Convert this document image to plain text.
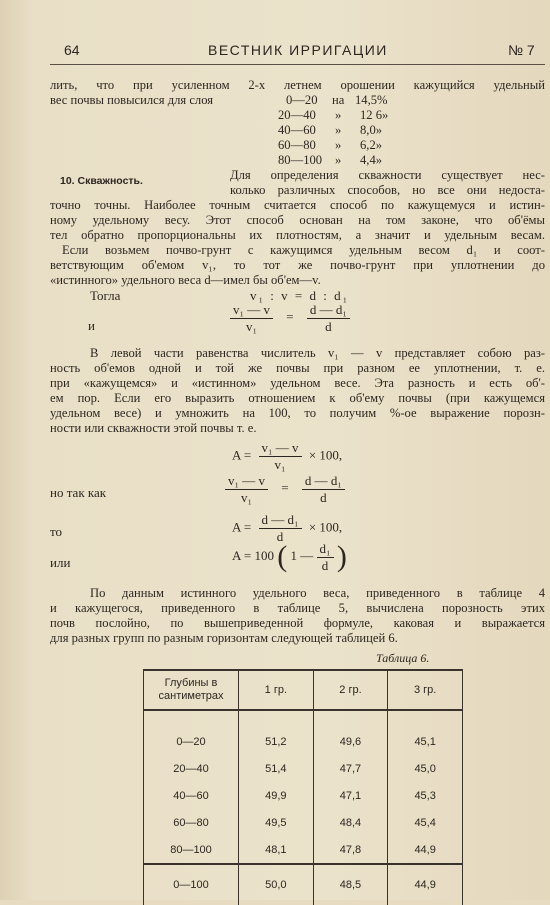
64	ВЕСТНИК ИРРИГАЦИИ	№ 7
лить, что при усиленном 2-х летнем орошении кажущийся удельный
вес почвы повысился для слоя	0—20 на 14,5%
20—40 » 12 6»
40—60 » 8,0»
60—80 » 6,2»
80—100 » 4,4»
10. Скважность.	Для определения скважности существует нес-
колько различных способов, но все они недоста-
точно точны. Наиболее точным считается способ по кажущемуся и истин-
ному удельному весу. Этот способ основан на том законе, что об'ёмы
тел обратно пропорциональны их плотностям, а значит и удельным весам.
Если возьмем почво-грунт с кажущимся удельным весом d₁ и соот-
ветствующим об'емом v₁, то тот же почво-грунт при уплотнении до
«истинного» удельного веса d—имел бы об'ем—v.
Тогла	v₁ : v = d : d₁
и	$\frac{\text{v₁ — v}}{\text{v₁}} = \frac{\text{d — d₁}}{d}$
В левой части равенства числитель v₁ — v представляет собою раз-
ность об'емов одной и той же почвы при разном ее уплотнении, т. е.
при «кажущемся» и «истинном» удельном весе. Эта разность и есть об'-
ем пор. Если его выразить отношением к об'ему почвы (при кажущемся
удельном весе) и умножить на 100, то получим %-ое выражение порозн-
ности или скважности этой почвы т. е.
$A = \frac{\text{v₁ — v}}{\text{v₁}} \times 100$,
но так как	$\frac{\text{v₁ — v}}{\text{v₁}} = \frac{\text{d — d₁}}{d}$
то	$A = \frac{\text{d — d₁}}{d} \times 100$,
или	A = 100 ( 1 — $\frac{\text{d₁}}{d}$ )
По данным истинного удельного веса, приведенного в таблице 4
и кажущегося, приведенного в таблице 5, вычислена порозность этих
почв послойно, по вышеприведенной формуле, каковая и выражается
для разных групп по разным горизонтам следующей таблицей 6.
Таблица 6.
Глубины в сантиметрах	1 гр.	2 гр.	3 гр.
0—20	51,2	49,6	45,1
20—40	51,4	47,7	45,0
40—60	49,9	47,1	45,3
60—80	49,5	48,4	45,4
80—100	48,1	47,8	44,9
0—100	50,0	48,5	44,9
